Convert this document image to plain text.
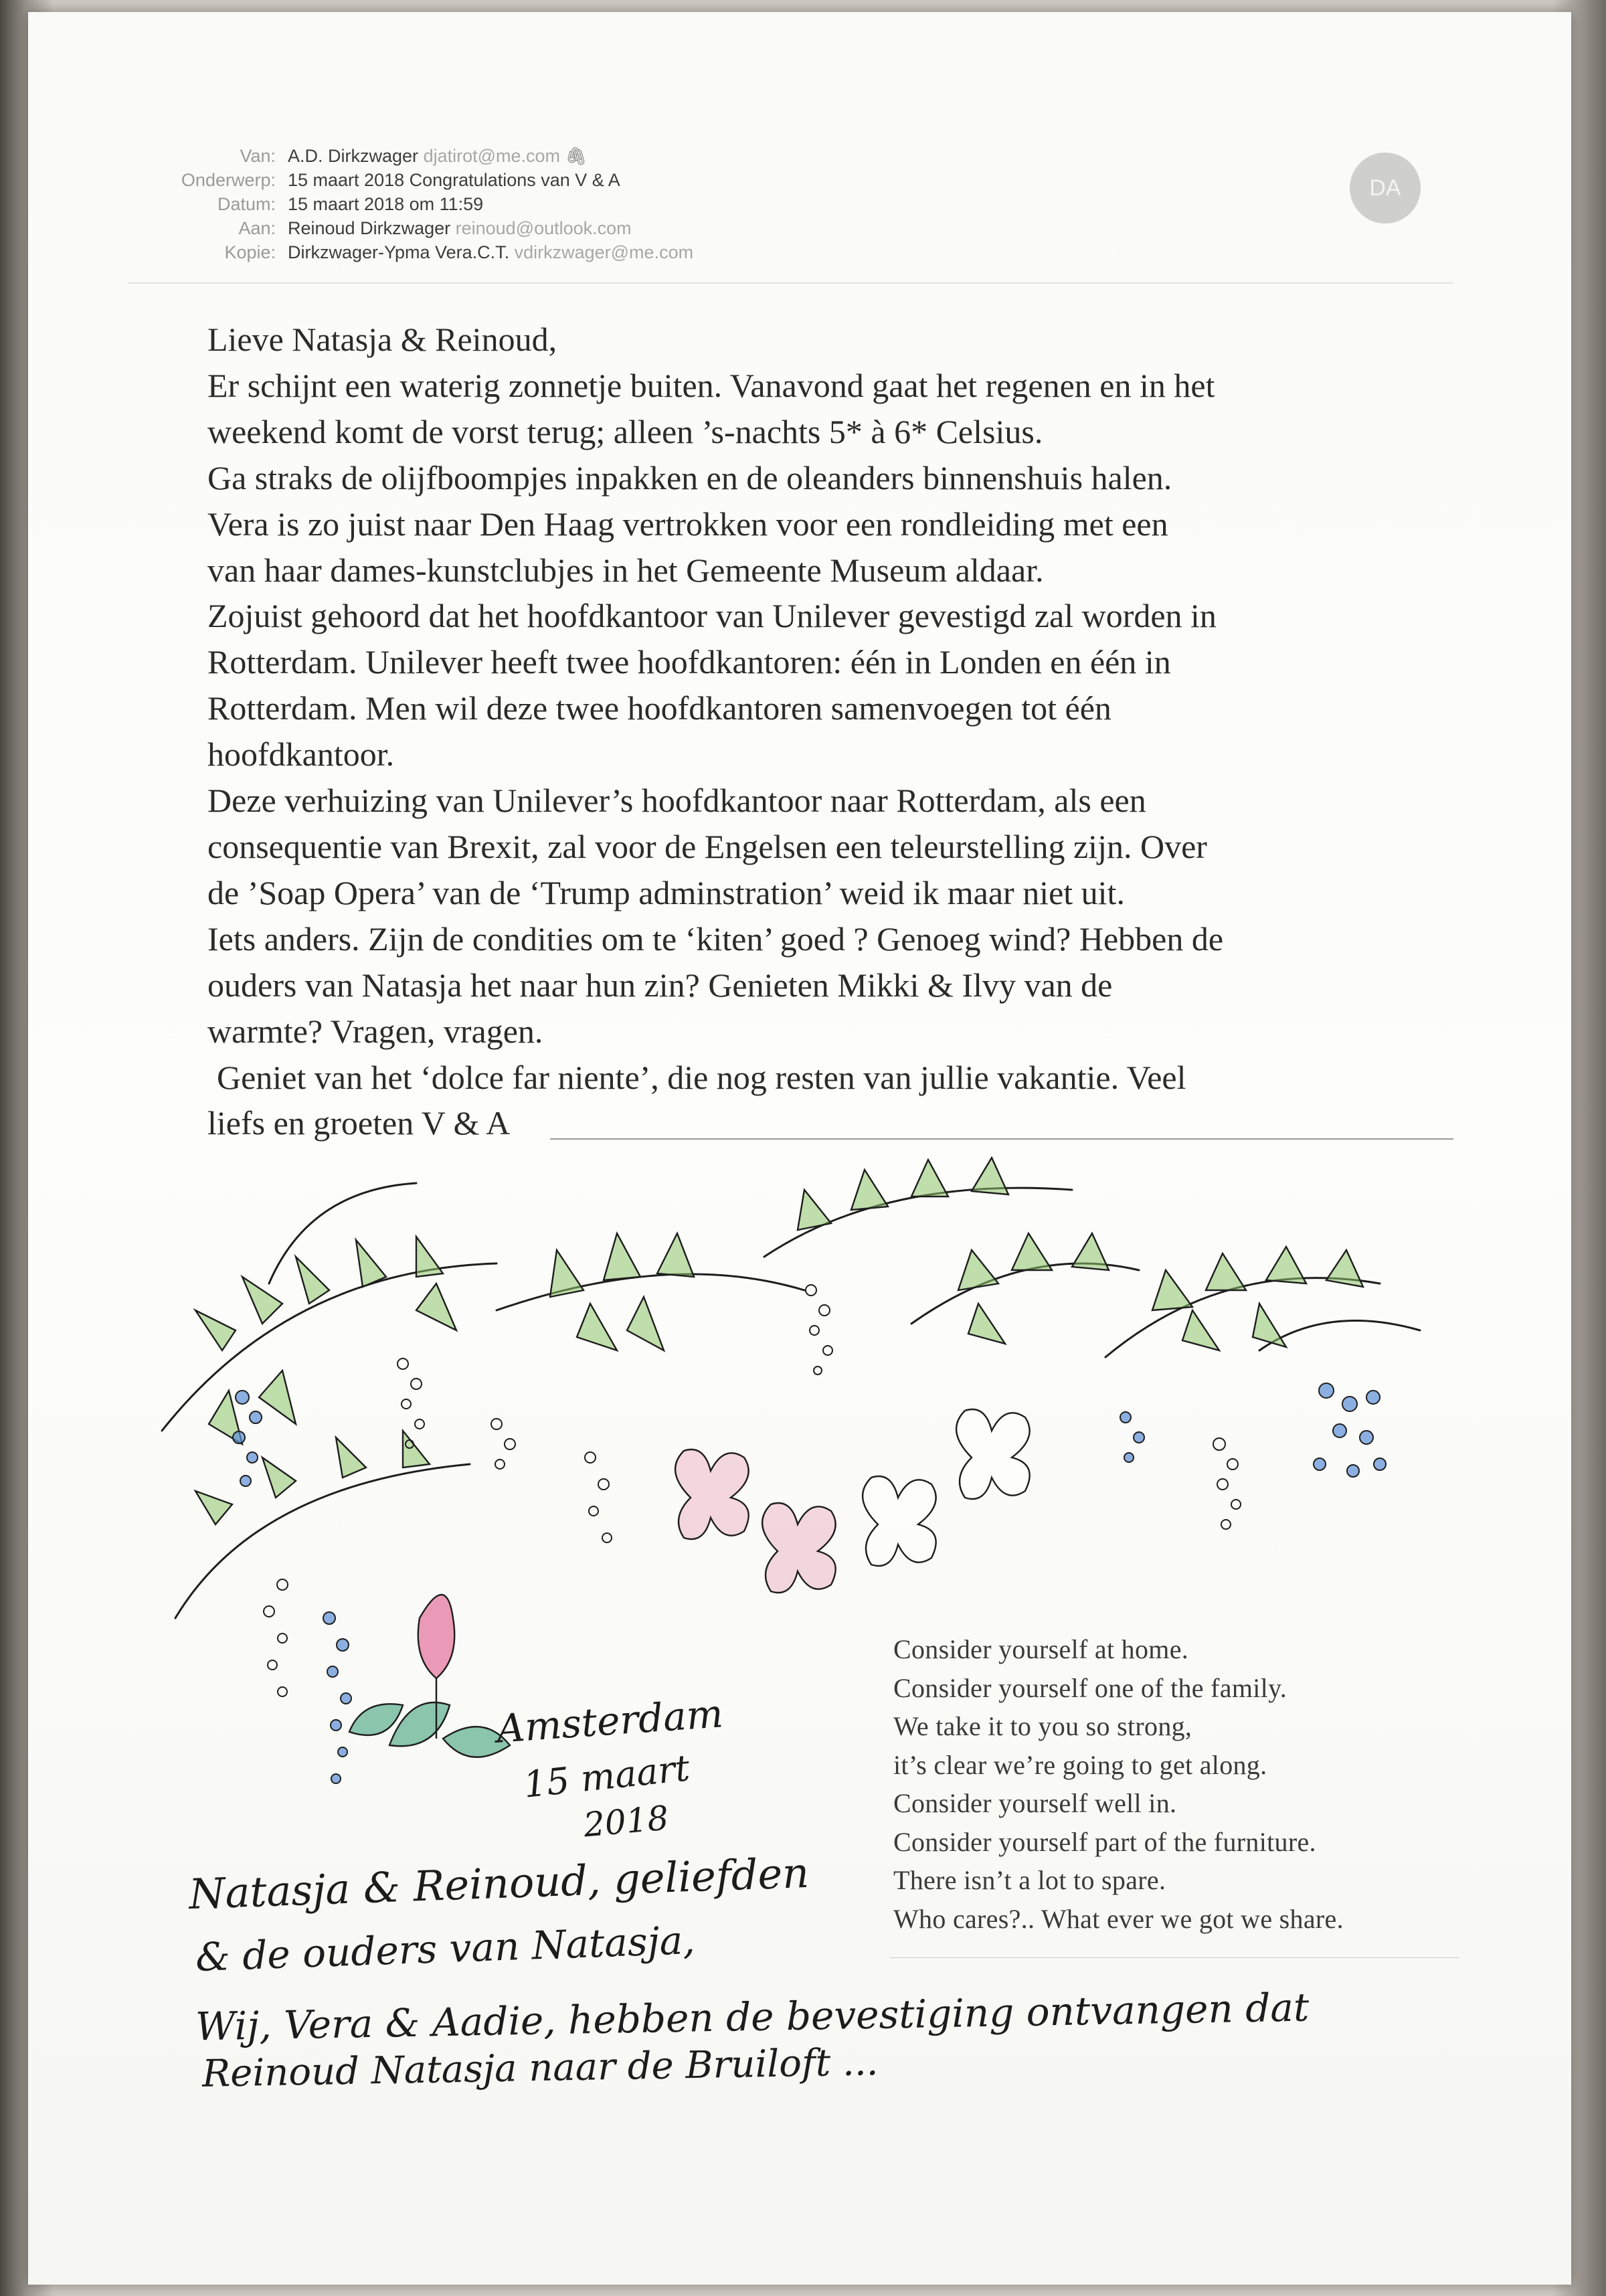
Van: A.D. Dirkzwager djatirot@me.com 🖇
Onderwerp: 15 maart 2018 Congratulations van V & A
Datum: 15 maart 2018 om 11:59
Aan: Reinoud Dirkzwager reinoud@outlook.com
Kopie: Dirkzwager-Ypma Vera.C.T. vdirkzwager@me.com
DA
Lieve Natasja & Reinoud,
Er schijnt een waterig zonnetje buiten. Vanavond gaat het regenen en in het
weekend komt de vorst terug; alleen ’s-nachts 5* à 6* Celsius.
Ga straks de olijfboompjes inpakken en de oleanders binnenshuis halen.
Vera is zo juist naar Den Haag vertrokken voor een rondleiding met een
van haar dames-kunstclubjes in het Gemeente Museum aldaar.
Zojuist gehoord dat het hoofdkantoor van Unilever gevestigd zal worden in
Rotterdam. Unilever heeft twee hoofdkantoren: één in Londen en één in
Rotterdam. Men wil deze twee hoofdkantoren samenvoegen tot één
hoofdkantoor.
Deze verhuizing van Unilever’s hoofdkantoor naar Rotterdam, als een
consequentie van Brexit, zal voor de Engelsen een teleurstelling zijn. Over
de ’Soap Opera’ van de ‘Trump adminstration’ weid ik maar niet uit.
Iets anders. Zijn de condities om te ‘kiten’ goed ? Genoeg wind? Hebben de
ouders van Natasja het naar hun zin? Genieten Mikki & Ilvy van de
warmte? Vragen, vragen.
Geniet van het ‘dolce far niente’, die nog resten van jullie vakantie. Veel
liefs en groeten V & A
Consider yourself at home.
Consider yourself one of the family.
We take it to you so strong,
it’s clear we’re going to get along.
Consider yourself well in.
Consider yourself part of the furniture.
There isn’t a lot to spare.
Who cares?.. What ever we got we share.
Amsterdam
15 maart
2018
Natasja & Reinoud, geliefden
& de ouders van Natasja,
Wij, Vera & Aadie, hebben de bevestiging ontvangen dat
Reinoud Natasja naar de Bruiloft ...
